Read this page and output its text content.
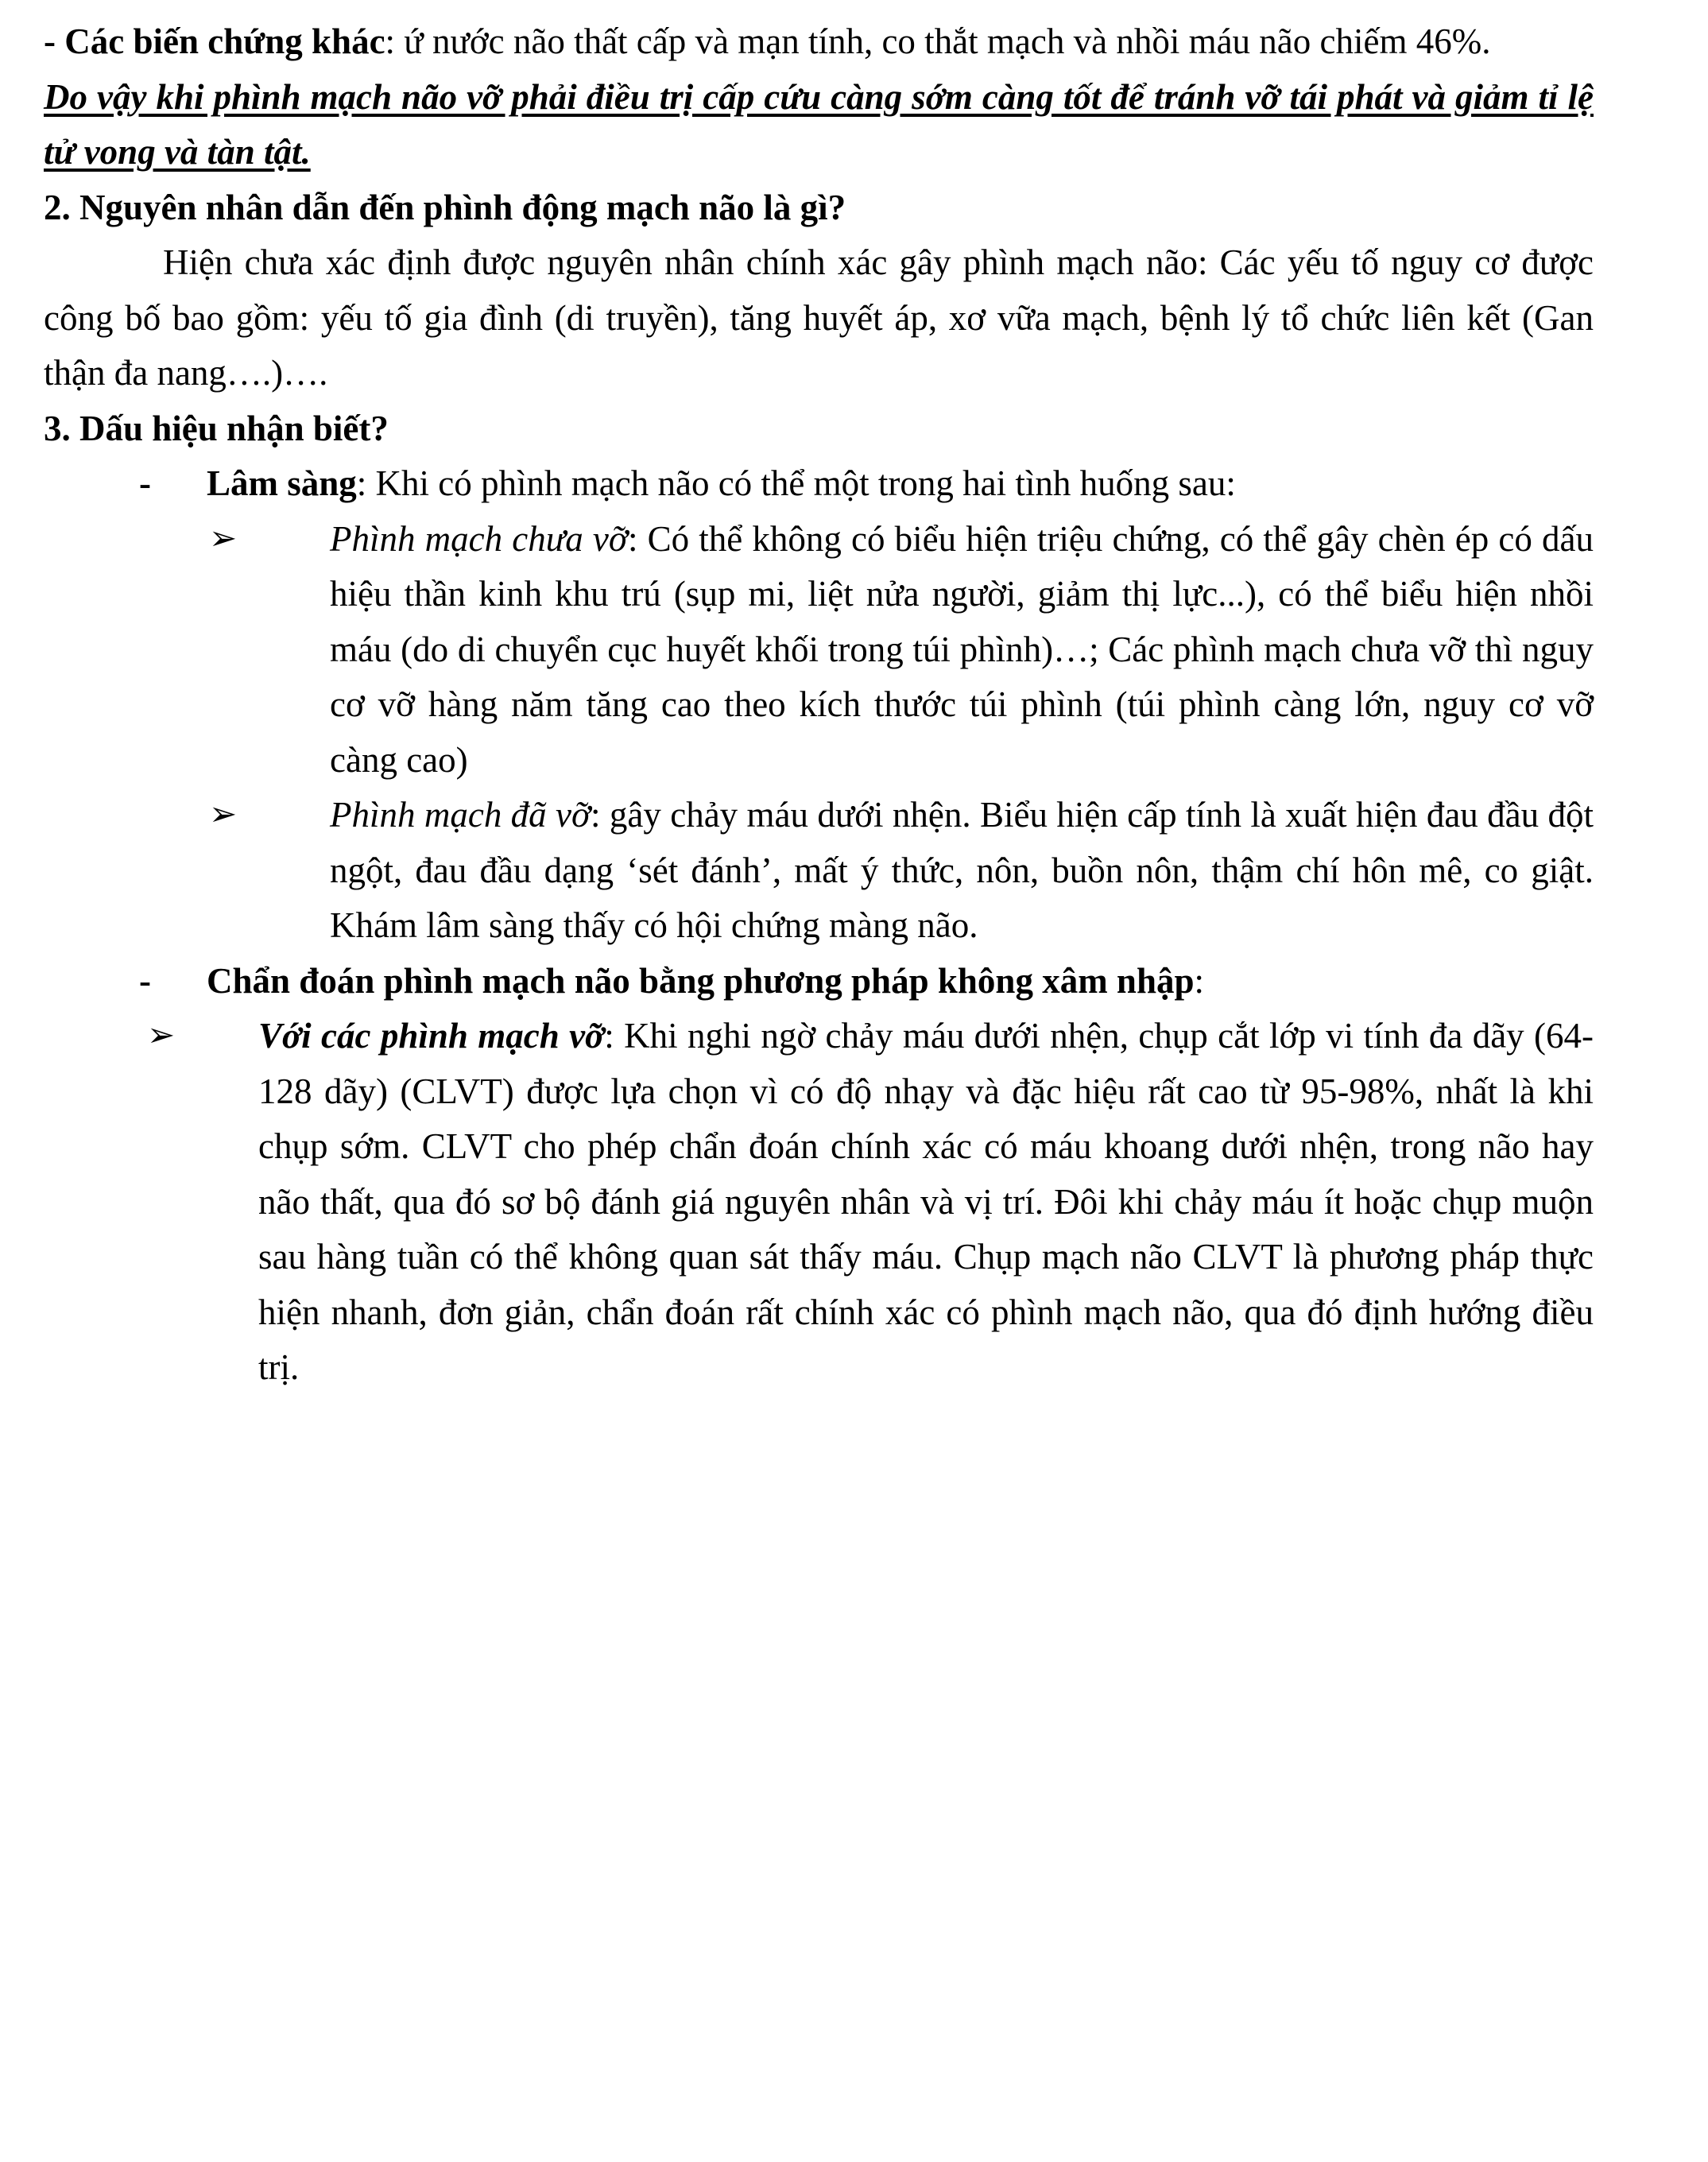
- Các biến chứng khác: ứ nước não thất cấp và mạn tính, co thắt mạch và nhồi máu não chiếm 46%.

Do vậy khi phình mạch não vỡ phải điều trị cấp cứu càng sớm càng tốt để tránh vỡ tái phát và giảm tỉ lệ tử vong và tàn tật.

2. Nguyên nhân dẫn đến phình động mạch não là gì?

Hiện chưa xác định được nguyên nhân chính xác gây phình mạch não: Các yếu tố nguy cơ được công bố bao gồm: yếu tố gia đình (di truyền), tăng huyết áp, xơ vữa mạch, bệnh lý tổ chức liên kết (Gan thận đa nang….)….

3. Dấu hiệu nhận biết?

- Lâm sàng: Khi có phình mạch não có thể một trong hai tình huống sau:

➢	Phình mạch chưa vỡ: Có thể không có biểu hiện triệu chứng, có thể gây chèn ép có dấu hiệu thần kinh khu trú (sụp mi, liệt nửa người, giảm thị lực...), có thể biểu hiện nhồi máu (do di chuyển cục huyết khối trong túi phình)…; Các phình mạch chưa vỡ thì nguy cơ vỡ hàng năm tăng cao theo kích thước túi phình (túi phình càng lớn, nguy cơ vỡ càng cao)

➢	Phình mạch đã vỡ: gây chảy máu dưới nhện. Biểu hiện cấp tính là xuất hiện đau đầu đột ngột, đau đầu dạng ‘sét đánh’, mất ý thức, nôn, buồn nôn, thậm chí hôn mê, co giật. Khám lâm sàng thấy có hội chứng màng não.

- Chẩn đoán phình mạch não bằng phương pháp không xâm nhập:

➢ Với các phình mạch vỡ: Khi nghi ngờ chảy máu dưới nhện, chụp cắt lớp vi tính đa dãy (64-128 dãy) (CLVT) được lựa chọn vì có độ nhạy và đặc hiệu rất cao từ 95-98%, nhất là khi chụp sớm. CLVT cho phép chẩn đoán chính xác có máu khoang dưới nhện, trong não hay não thất, qua đó sơ bộ đánh giá nguyên nhân và vị trí. Đôi khi chảy máu ít hoặc chụp muộn sau hàng tuần có thể không quan sát thấy máu. Chụp mạch não CLVT là phương pháp thực hiện nhanh, đơn giản, chẩn đoán rất chính xác có phình mạch não, qua đó định hướng điều trị.
